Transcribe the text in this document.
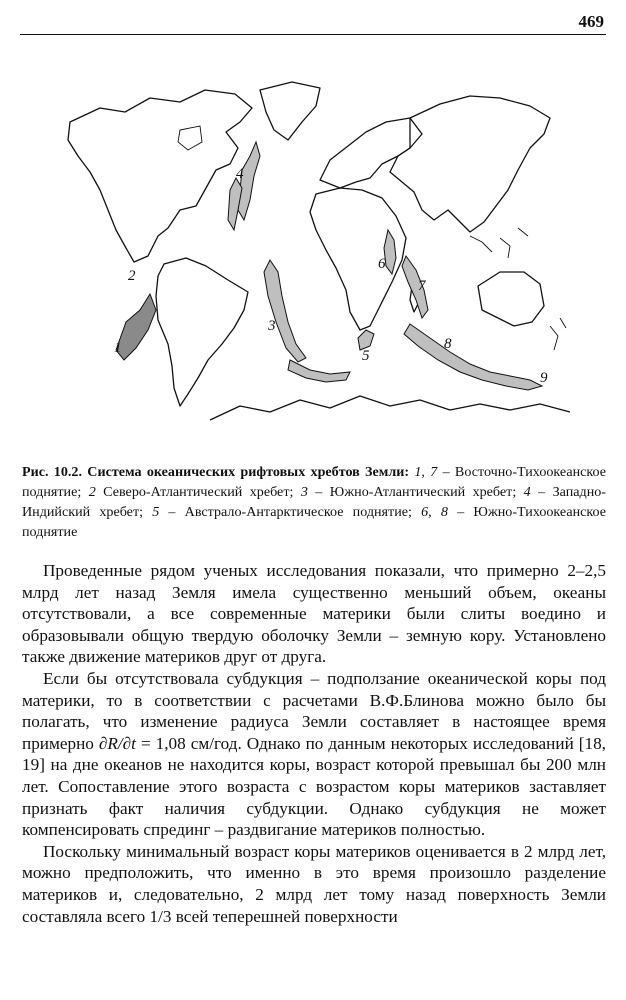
469
1
2
3
4
5
6
7
8
9
Рис. 10.2. Система океанических рифтовых хребтов Земли: 1, 7 – Восточно-Тихоокеанское поднятие; 2 Северо-Атлантический хребет; 3 – Южно-Атлантический хребет; 4 – Западно-Индийский хребет; 5 – Австрало-Антарктическое поднятие; 6, 8 – Южно-Тихоокеанское поднятие

Проведенные рядом ученых исследования показали, что примерно 2–2,5 млрд лет назад Земля имела существенно меньший объем, океаны отсутствовали, а все современные материки были слиты воедино и образовывали общую твердую оболочку Земли – земную кору. Установлено также движение материков друг от друга.

Если бы отсутствовала субдукция – подползание океанической коры под материки, то в соответствии с расчетами В.Ф.Блинова можно было бы полагать, что изменение радиуса Земли составляет в настоящее время примерно ∂R/∂t = 1,08 см/год. Однако по данным некоторых исследований [18, 19] на дне океанов не находится коры, возраст которой превышал бы 200 млн лет. Сопоставление этого возраста с возрастом коры материков заставляет признать факт наличия субдукции. Однако субдукция не может компенсировать спрединг – раздвигание материков полностью.

Поскольку минимальный возраст коры материков оценивается в 2 млрд лет, можно предположить, что именно в это время произошло разделение материков и, следовательно, 2 млрд лет тому назад поверхность Земли составляла всего 1/3 всей теперешней поверхности
